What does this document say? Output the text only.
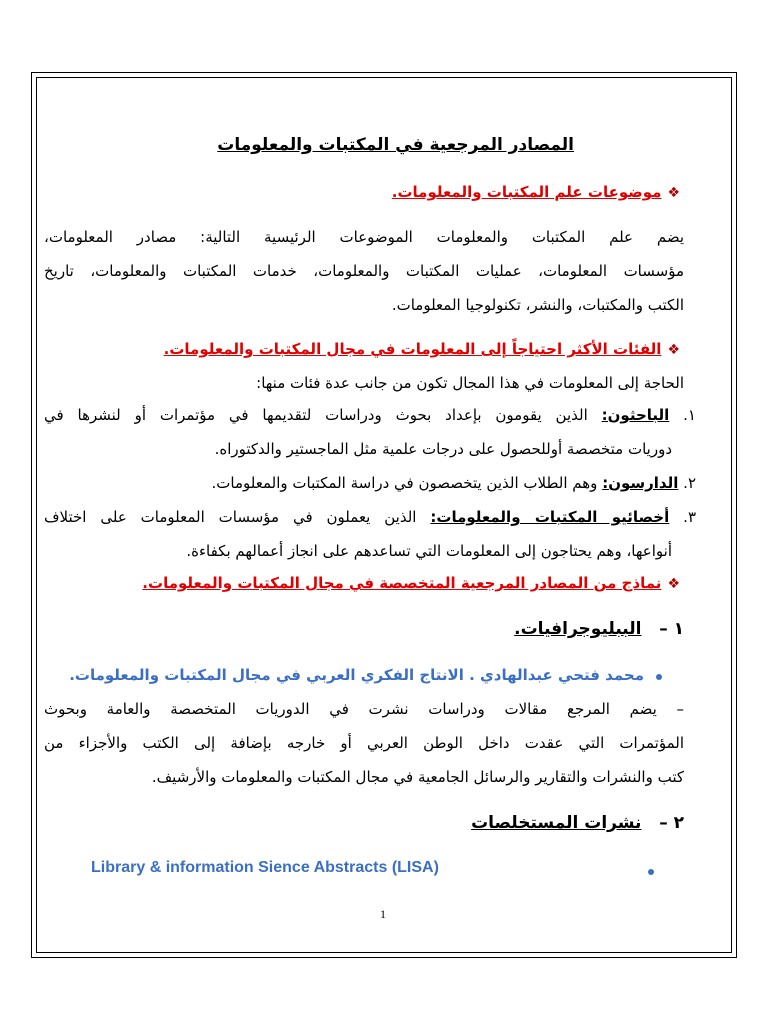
المصادر المرجعية في المكتبات والمعلومات
❖موضوعات علم المكتبات والمعلومات.
يضم علم المكتبات والمعلومات الموضوعات الرئيسية التالية: مصادر المعلومات،
مؤسسات المعلومات، عمليات المكتبات والمعلومات، خدمات المكتبات والمعلومات، تاريخ
الكتب والمكتبات، والنشر، تكنولوجيا المعلومات.
❖الفئات الأكثر احتياجاً إلى المعلومات في مجال المكتبات والمعلومات.
الحاجة إلى المعلومات في هذا المجال تكون من جانب عدة فئات منها:
١. الباحثون: الذين يقومون بإعداد بحوث ودراسات لتقديمها في مؤتمرات أو لنشرها في
دوريات متخصصة أوللحصول على درجات علمية مثل الماجستير والدكتوراه.
٢. الدارسون: وهم الطلاب الذين يتخصصون في دراسة المكتبات والمعلومات.
٣. أخصائيو المكتبات والمعلومات: الذين يعملون في مؤسسات المعلومات على اختلاف
أنواعها، وهم يحتاجون إلى المعلومات التي تساعدهم على انجاز أعمالهم بكفاءة.
❖نماذج من المصادر المرجعية المتخصصة في مجال المكتبات والمعلومات.
١ –   الببليوجرافيات.
محمد فتحي عبدالهادي . الانتاج الفكري العربي في مجال المكتبات والمعلومات.
– يضم المرجع مقالات ودراسات نشرت في الدوريات المتخصصة والعامة وبحوث
المؤتمرات التي عقدت داخل الوطن العربي أو خارجه بإضافة إلى الكتب والأجزاء من
كتب والنشرات والتقارير والرسائل الجامعية في مجال المكتبات والمعلومات والأرشيف.
٢ –   نشرات المستخلصات
Library & information Sience Abstracts (LISA)
1
